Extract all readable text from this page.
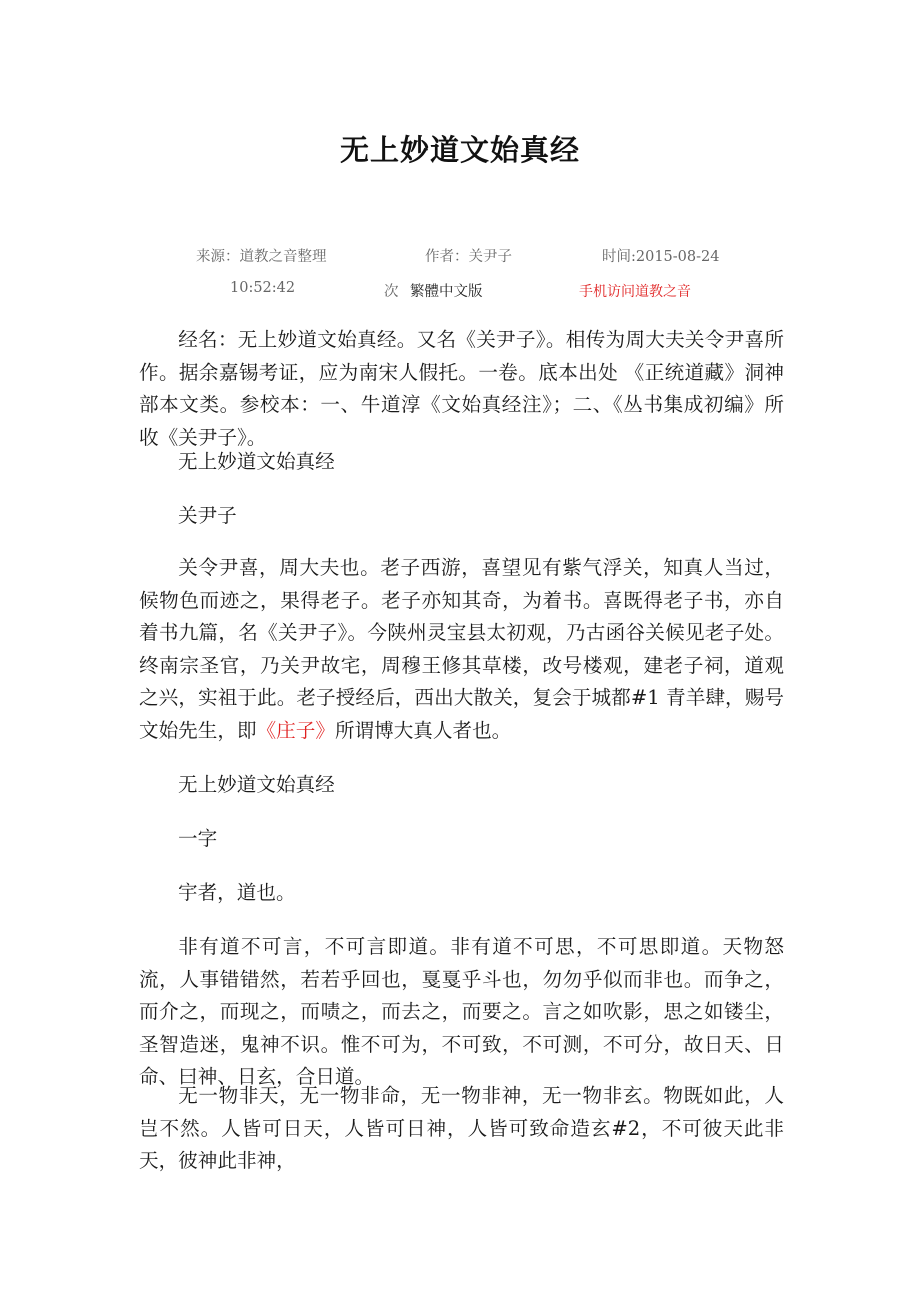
无上妙道文始真经
来源：道教之音整理	作者：关尹子	时间:2015-08-24
10:52:42	次 繁體中文版	手机访问道教之音

经名：无上妙道文始真经。又名《关尹子》。相传为周大夫关令尹喜所作。据余嘉锡考证，应为南宋人假托。一卷。底本出处 《正统道藏》洞神部本文类。参校本：一、牛道淳《文始真经注》；二、《丛书集成初编》所收《关尹子》。

无上妙道文始真经

关尹子

关令尹喜，周大夫也。老子西游，喜望见有紫气浮关，知真人当过，候物色而迹之，果得老子。老子亦知其奇，为着书。喜既得老子书，亦自着书九篇，名《关尹子》。今陕州灵宝县太初观，乃古函谷关候见老子处。终南宗圣官，乃关尹故宅，周穆王修其草楼，改号楼观，建老子祠，道观之兴，实祖于此。老子授经后，西出大散关，复会于城都#1 青羊肆，赐号文始先生，即《庄子》所谓博大真人者也。

无上妙道文始真经

一字

宇者，道也。

非有道不可言，不可言即道。非有道不可思，不可思即道。天物怒流，人事错错然，若若乎回也，戛戛乎斗也，勿勿乎似而非也。而争之，而介之，而现之，而啧之，而去之，而要之。言之如吹影，思之如镂尘，圣智造迷，鬼神不识。惟不可为，不可致，不可测，不可分，故日天、日命、曰神、日玄，合日道。

无一物非天，无一物非命，无一物非神，无一物非玄。物既如此，人岂不然。人皆可日天，人皆可日神，人皆可致命造玄#2，不可彼天此非天，彼神此非神，
